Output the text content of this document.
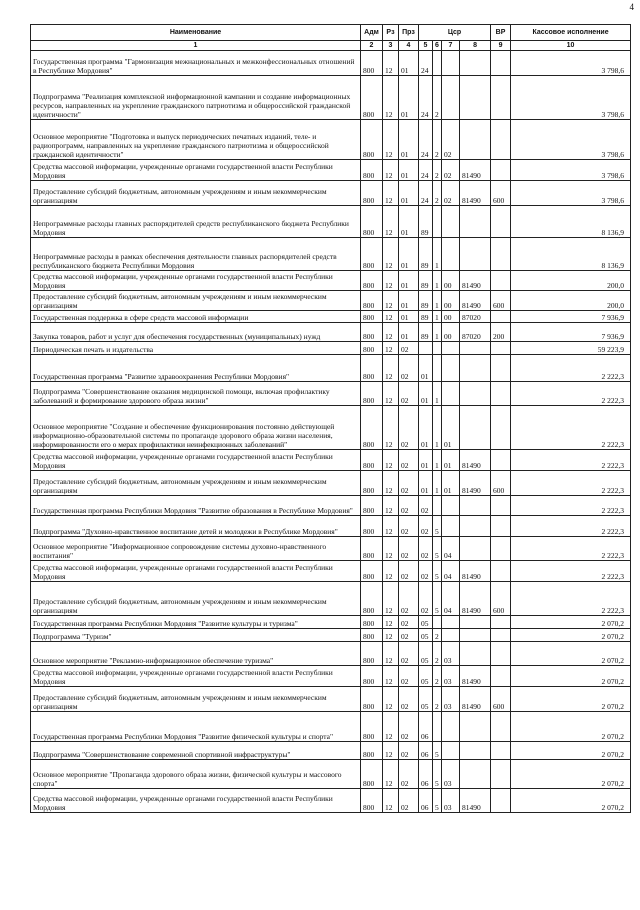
4
Наименование	Адм	Рз	Прз	Цср				ВР	Кассовое исполнение
1	2	3	4	5	6	7	8	9	10
Государственная программа "Гармонизация межнациональных и межконфессиональных отношений в Республике Мордовия"	800	12	01	24					3 798,6
Подпрограмма "Реализация комплексной информационной кампании и создание информационных ресурсов, направленных на укрепление гражданского патриотизма и общероссийской гражданской идентичности"	800	12	01	24	2				3 798,6
Основное мероприятие "Подготовка и выпуск периодических печатных изданий, теле- и радиопрограмм, направленных на укрепление гражданского патриотизма и общероссийской гражданской идентичности"	800	12	01	24	2	02			3 798,6
Средства массовой информации, учрежденные органами государственной власти Республики Мордовия	800	12	01	24	2	02	81490		3 798,6
Предоставление субсидий бюджетным, автономным учреждениям и иным некоммерческим организациям	800	12	01	24	2	02	81490	600	3 798,6
Непрограммные расходы главных распорядителей средств республиканского бюджета Республики Мордовия	800	12	01	89					8 136,9
Непрограммные расходы в рамках обеспечения деятельности главных распорядителей средств республиканского бюджета Республики Мордовия	800	12	01	89	1				8 136,9
Средства массовой информации, учрежденные органами государственной власти Республики Мордовия	800	12	01	89	1	00	81490		200,0
Предоставление субсидий бюджетным, автономным учреждениям и иным некоммерческим организациям	800	12	01	89	1	00	81490	600	200,0
Государственная поддержка в сфере средств массовой информации	800	12	01	89	1	00	87020		7 936,9
Закупка товаров, работ и услуг для обеспечения государственных (муниципальных) нужд	800	12	01	89	1	00	87020	200	7 936,9
Периодическая печать и издательства	800	12	02						59 223,9
Государственная программа "Развитие здравоохранения Республики Мордовия"	800	12	02	01					2 222,3
Подпрограмма "Совершенствование оказания медицинской помощи, включая профилактику заболеваний и формирование здорового образа жизни"	800	12	02	01	1				2 222,3
Основное мероприятие "Создание и обеспечение функционирования постоянно действующей информационно-образовательной системы по пропаганде здорового образа жизни населения, информированности его о мерах профилактики неинфекционных заболеваний"	800	12	02	01	1	01			2 222,3
Средства массовой информации, учрежденные органами государственной власти Республики Мордовия	800	12	02	01	1	01	81490		2 222,3
Предоставление субсидий бюджетным, автономным учреждениям и иным некоммерческим организациям	800	12	02	01	1	01	81490	600	2 222,3
Государственная программа Республики Мордовия "Развитие образования в Республике Мордовия"	800	12	02	02					2 222,3
Подпрограмма "Духовно-нравственное воспитание детей и молодежи в Республике Мордовия"	800	12	02	02	5				2 222,3
Основное мероприятие "Информационное сопровождение системы духовно-нравственного воспитания"	800	12	02	02	5	04			2 222,3
Средства массовой информации, учрежденные органами государственной власти Республики Мордовия	800	12	02	02	5	04	81490		2 222,3
Предоставление субсидий бюджетным, автономным учреждениям и иным некоммерческим организациям	800	12	02	02	5	04	81490	600	2 222,3
Государственная программа Республики Мордовия "Развитие культуры и туризма"	800	12	02	05					2 070,2
Подпрограмма "Туризм"	800	12	02	05	2				2 070,2
Основное мероприятие "Рекламно-информационное обеспечение туризма"	800	12	02	05	2	03			2 070,2
Средства массовой информации, учрежденные органами государственной власти Республики Мордовия	800	12	02	05	2	03	81490		2 070,2
Предоставление субсидий бюджетным, автономным учреждениям и иным некоммерческим организациям	800	12	02	05	2	03	81490	600	2 070,2
Государственная программа Республики Мордовия "Развитие физической культуры и спорта"	800	12	02	06					2 070,2
Подпрограмма "Совершенствование современной спортивной инфраструктуры"	800	12	02	06	5				2 070,2
Основное мероприятие "Пропаганда здорового образа жизни, физической культуры и массового спорта"	800	12	02	06	5	03			2 070,2
Средства массовой информации, учрежденные органами государственной власти Республики Мордовия	800	12	02	06	5	03	81490		2 070,2
